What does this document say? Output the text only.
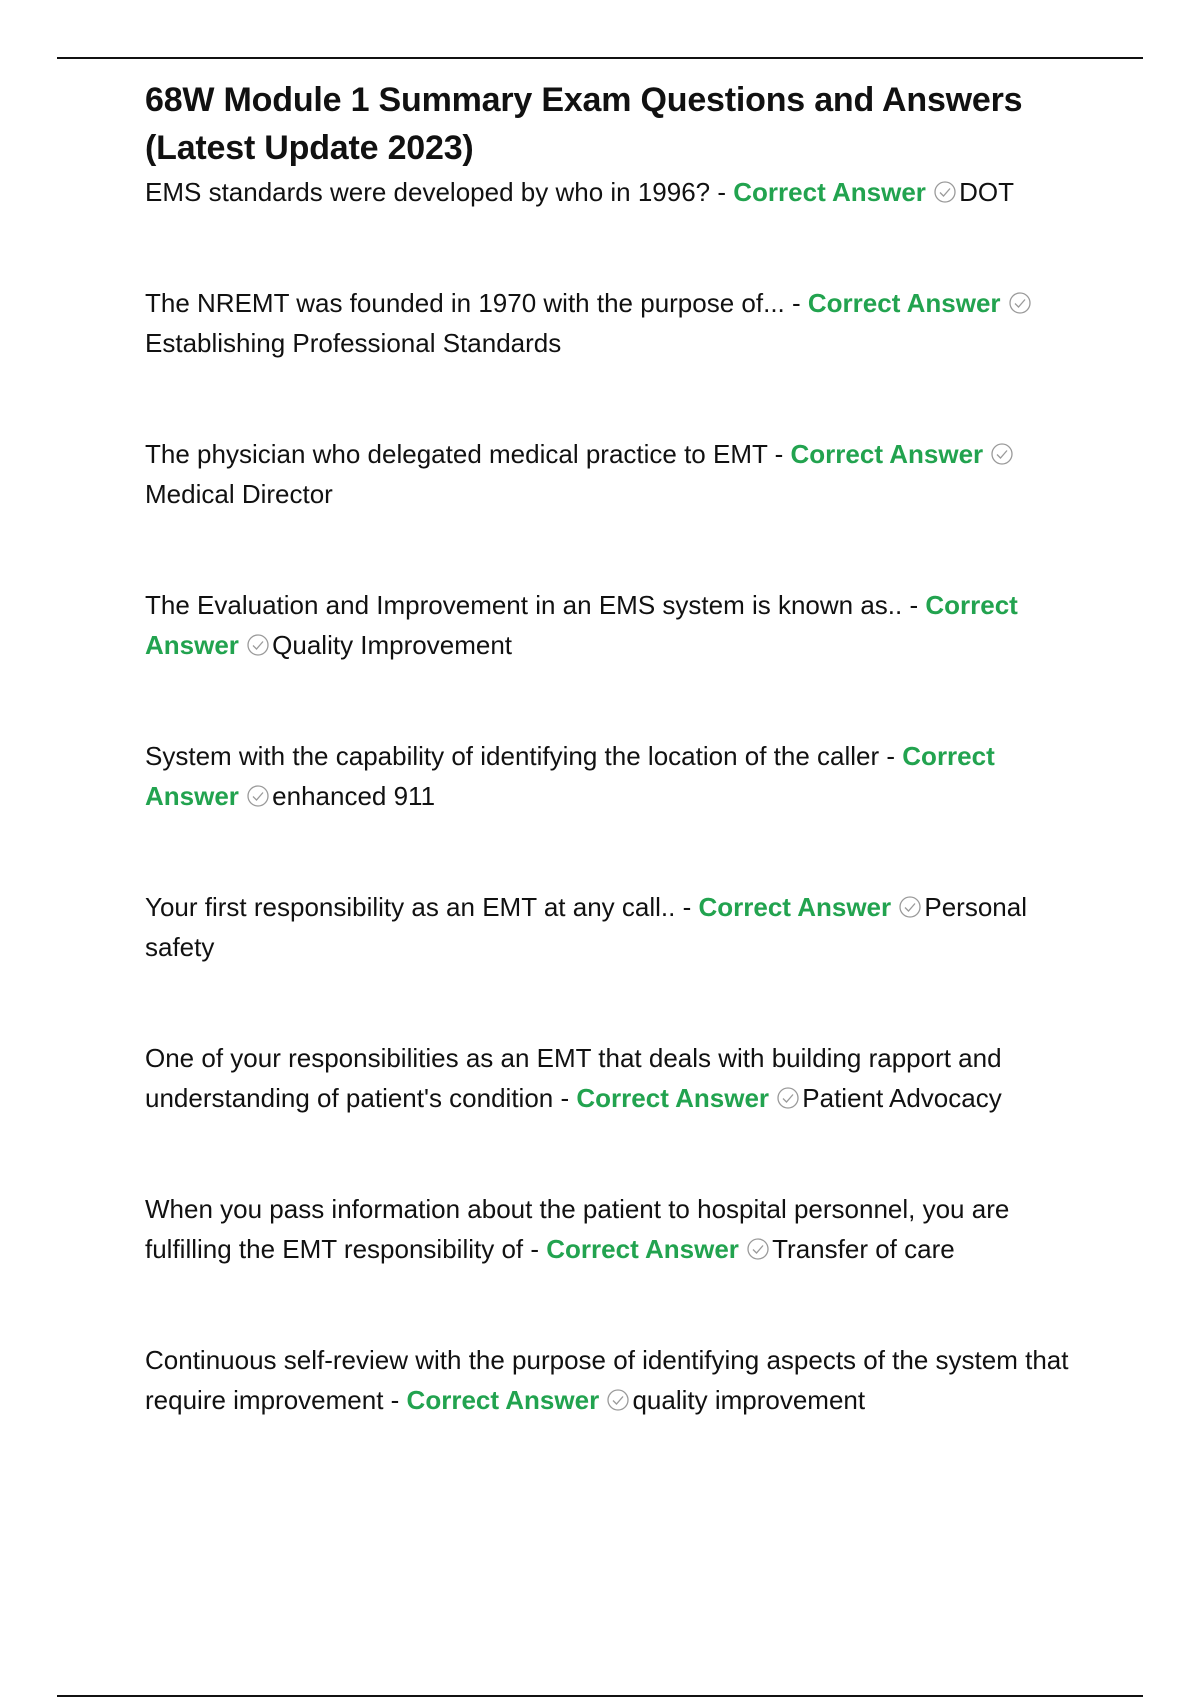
68W Module 1 Summary Exam Questions and Answers (Latest Update 2023)

EMS standards were developed by who in 1996? - Correct Answer DOT

The NREMT was founded in 1970 with the purpose of... - Correct Answer
Establishing Professional Standards

The physician who delegated medical practice to EMT - Correct Answer
Medical Director

The Evaluation and Improvement in an EMS system is known as.. - Correct Answer Quality Improvement

System with the capability of identifying the location of the caller - Correct Answer enhanced 911

Your first responsibility as an EMT at any call.. - Correct Answer Personal safety

One of your responsibilities as an EMT that deals with building rapport and understanding of patient's condition - Correct Answer Patient Advocacy

When you pass information about the patient to hospital personnel, you are fulfilling the EMT responsibility of - Correct Answer Transfer of care

Continuous self-review with the purpose of identifying aspects of the system that require improvement - Correct Answer quality improvement
